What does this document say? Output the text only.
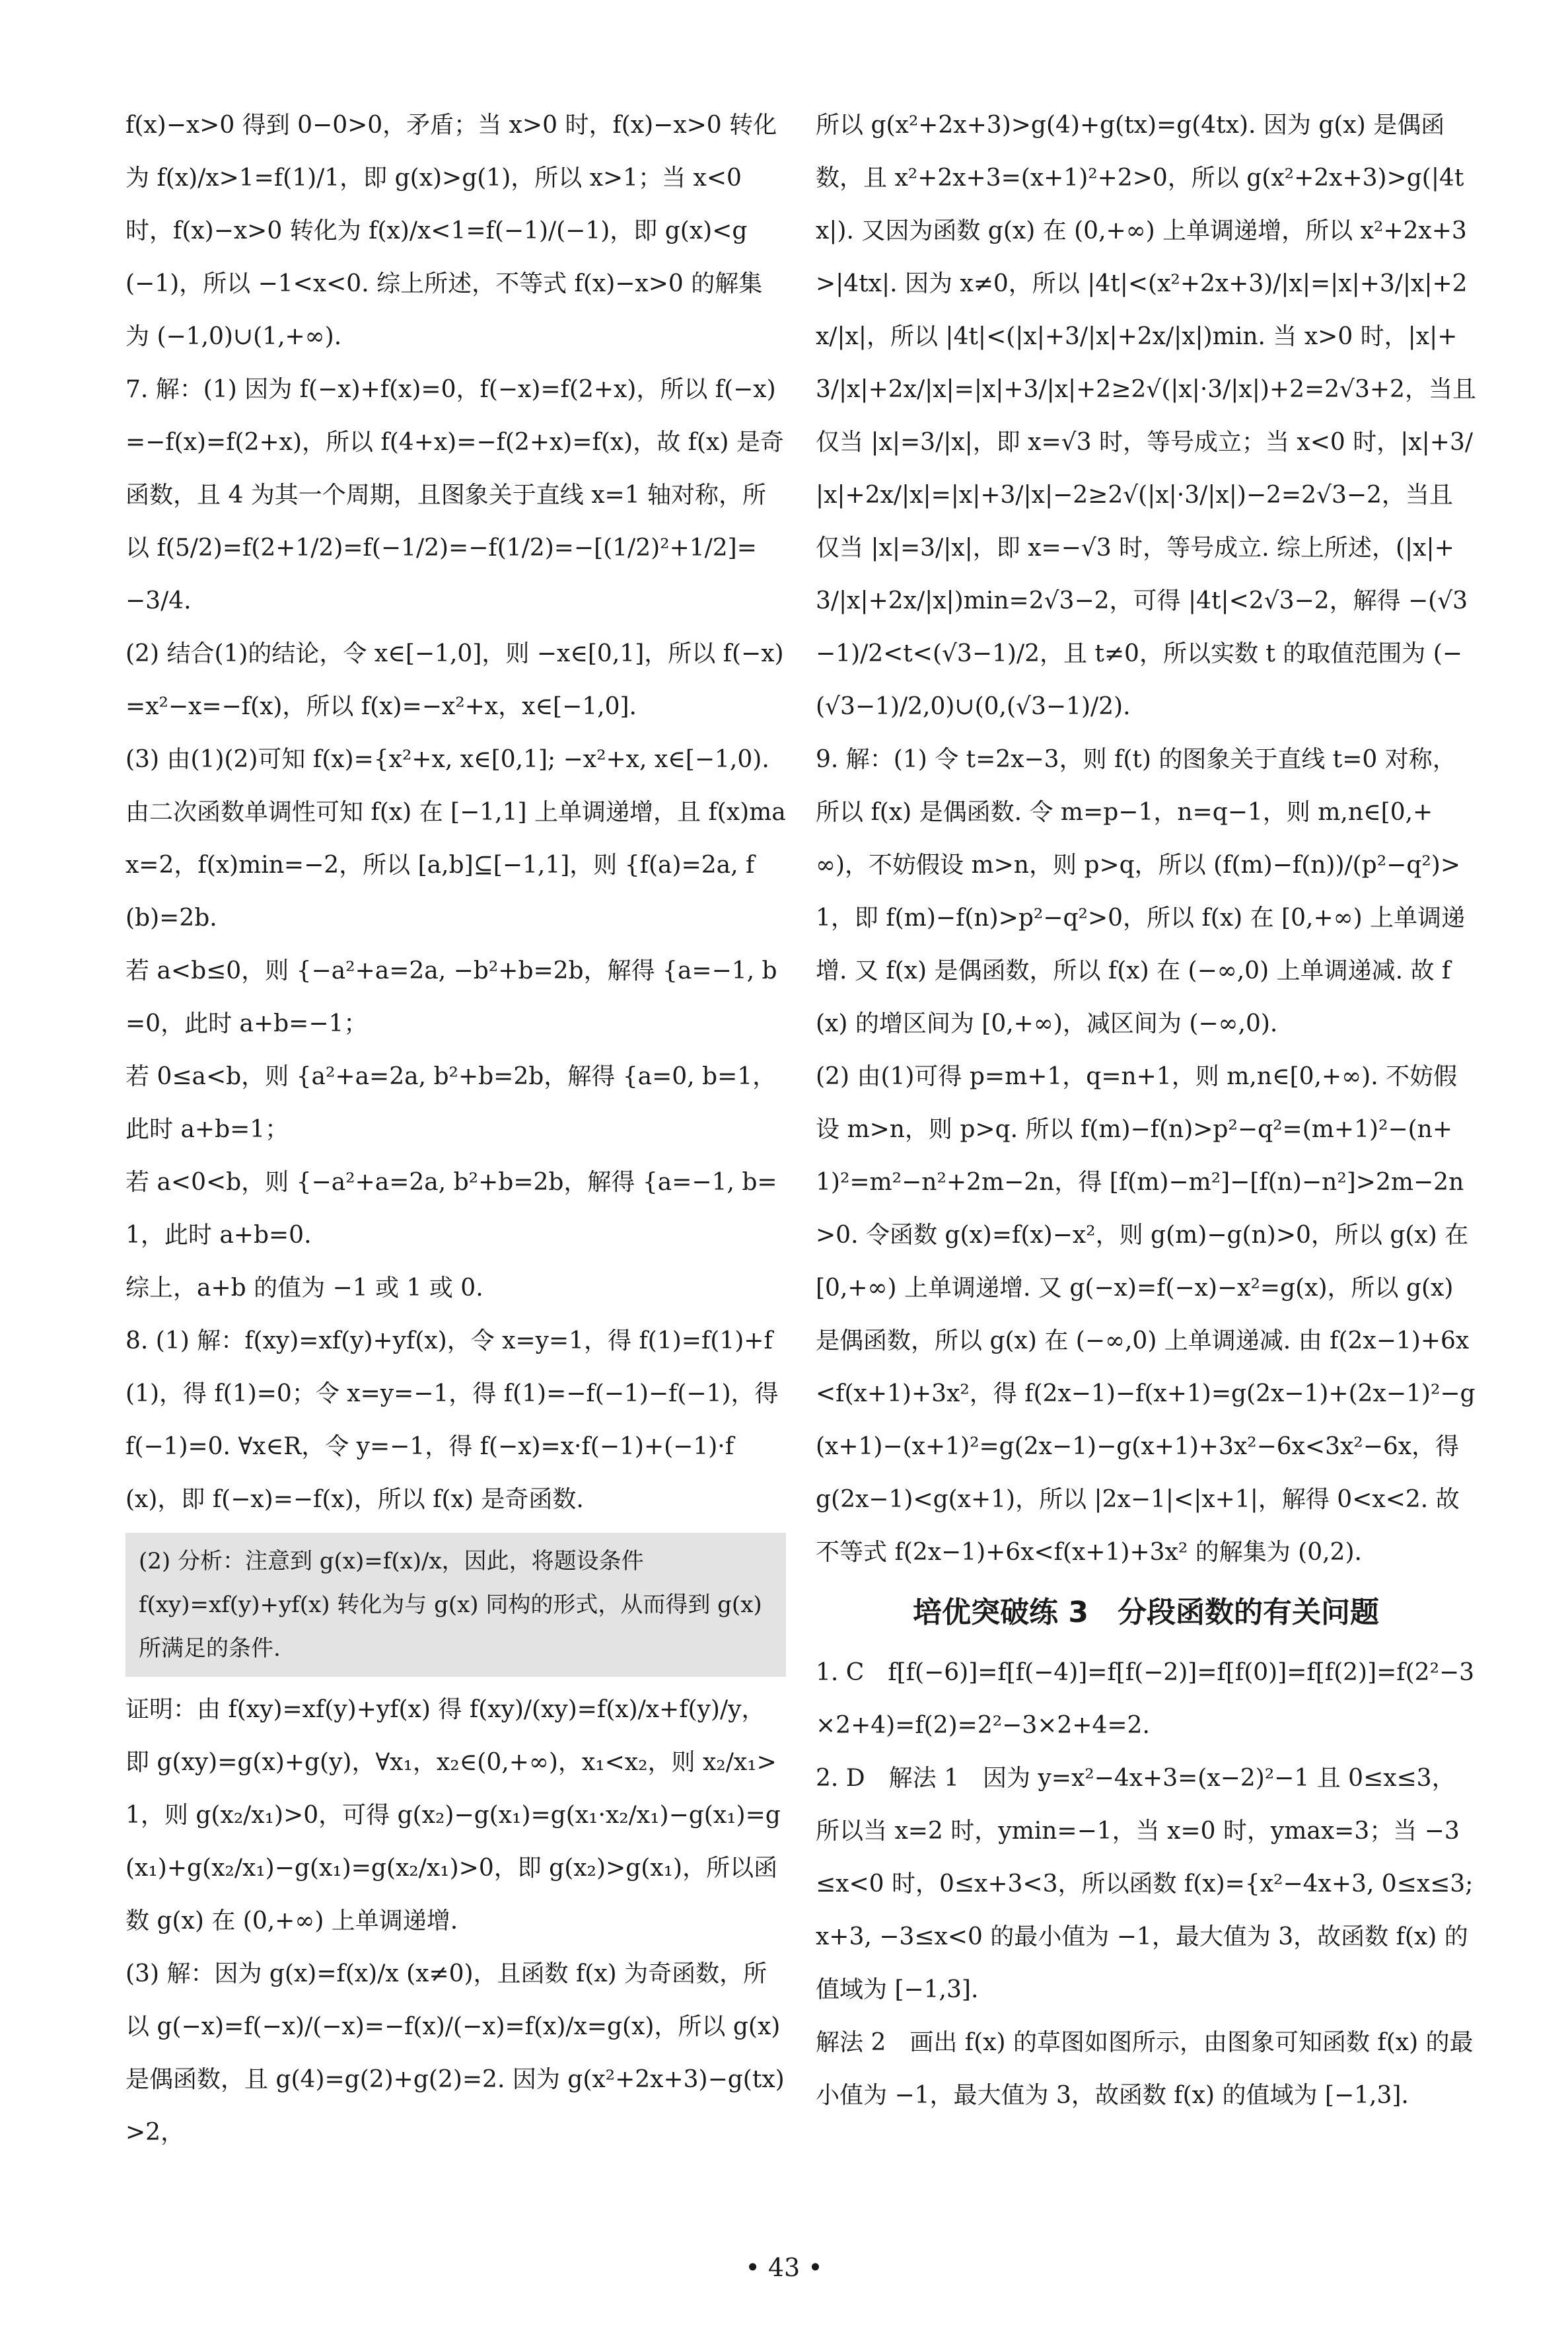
f(x)−x>0 得到 0−0>0，矛盾；当 x>0 时，f(x)−x>0 转化为 f(x)/x>1=f(1)/1，即 g(x)>g(1)，所以 x>1；当 x<0 时，f(x)−x>0 转化为 f(x)/x<1=f(−1)/(−1)，即 g(x)<g(−1)，所以 −1<x<0. 综上所述，不等式 f(x)−x>0 的解集为 (−1,0)∪(1,+∞).

7. 解：(1) 因为 f(−x)+f(x)=0，f(−x)=f(2+x)，所以 f(−x)=−f(x)=f(2+x)，所以 f(4+x)=−f(2+x)=f(x)，故 f(x) 是奇函数，且 4 为其一个周期，且图象关于直线 x=1 轴对称，所以 f(5/2)=f(2+1/2)=f(−1/2)=−f(1/2)=−[(1/2)²+1/2]=−3/4.

(2) 结合(1)的结论，令 x∈[−1,0]，则 −x∈[0,1]，所以 f(−x)=x²−x=−f(x)，所以 f(x)=−x²+x，x∈[−1,0].

(3) 由(1)(2)可知 f(x)={x²+x, x∈[0,1]; −x²+x, x∈[−1,0). 由二次函数单调性可知 f(x) 在 [−1,1] 上单调递增，且 f(x)max=2，f(x)min=−2，所以 [a,b]⊆[−1,1]，则 {f(a)=2a, f(b)=2b.

若 a<b≤0，则 {−a²+a=2a, −b²+b=2b，解得 {a=−1, b=0，此时 a+b=−1；

若 0≤a<b，则 {a²+a=2a, b²+b=2b，解得 {a=0, b=1，此时 a+b=1；

若 a<0<b，则 {−a²+a=2a, b²+b=2b，解得 {a=−1, b=1，此时 a+b=0.

综上，a+b 的值为 −1 或 1 或 0.

8. (1) 解：f(xy)=xf(y)+yf(x)，令 x=y=1，得 f(1)=f(1)+f(1)，得 f(1)=0；令 x=y=−1，得 f(1)=−f(−1)−f(−1)，得 f(−1)=0. ∀x∈R，令 y=−1，得 f(−x)=x·f(−1)+(−1)·f(x)，即 f(−x)=−f(x)，所以 f(x) 是奇函数.

(2) 分析：注意到 g(x)=f(x)/x，因此，将题设条件 f(xy)=xf(y)+yf(x) 转化为与 g(x) 同构的形式，从而得到 g(x) 所满足的条件.

证明：由 f(xy)=xf(y)+yf(x) 得 f(xy)/(xy)=f(x)/x+f(y)/y，即 g(xy)=g(x)+g(y)，∀x₁，x₂∈(0,+∞)，x₁<x₂，则 x₂/x₁>1，则 g(x₂/x₁)>0，可得 g(x₂)−g(x₁)=g(x₁·x₂/x₁)−g(x₁)=g(x₁)+g(x₂/x₁)−g(x₁)=g(x₂/x₁)>0，即 g(x₂)>g(x₁)，所以函数 g(x) 在 (0,+∞) 上单调递增.

(3) 解：因为 g(x)=f(x)/x (x≠0)，且函数 f(x) 为奇函数，所以 g(−x)=f(−x)/(−x)=−f(x)/(−x)=f(x)/x=g(x)，所以 g(x) 是偶函数，且 g(4)=g(2)+g(2)=2. 因为 g(x²+2x+3)−g(tx)>2，

所以 g(x²+2x+3)>g(4)+g(tx)=g(4tx). 因为 g(x) 是偶函数，且 x²+2x+3=(x+1)²+2>0，所以 g(x²+2x+3)>g(|4tx|). 又因为函数 g(x) 在 (0,+∞) 上单调递增，所以 x²+2x+3>|4tx|. 因为 x≠0，所以 |4t|<(x²+2x+3)/|x|=|x|+3/|x|+2x/|x|，所以 |4t|<(|x|+3/|x|+2x/|x|)min. 当 x>0 时，|x|+3/|x|+2x/|x|=|x|+3/|x|+2≥2√(|x|·3/|x|)+2=2√3+2，当且仅当 |x|=3/|x|，即 x=√3 时，等号成立；当 x<0 时，|x|+3/|x|+2x/|x|=|x|+3/|x|−2≥2√(|x|·3/|x|)−2=2√3−2，当且仅当 |x|=3/|x|，即 x=−√3 时，等号成立. 综上所述，(|x|+3/|x|+2x/|x|)min=2√3−2，可得 |4t|<2√3−2，解得 −(√3−1)/2<t<(√3−1)/2，且 t≠0，所以实数 t 的取值范围为 (−(√3−1)/2,0)∪(0,(√3−1)/2).

9. 解：(1) 令 t=2x−3，则 f(t) 的图象关于直线 t=0 对称，所以 f(x) 是偶函数. 令 m=p−1，n=q−1，则 m,n∈[0,+∞)，不妨假设 m>n，则 p>q，所以 (f(m)−f(n))/(p²−q²)>1，即 f(m)−f(n)>p²−q²>0，所以 f(x) 在 [0,+∞) 上单调递增. 又 f(x) 是偶函数，所以 f(x) 在 (−∞,0) 上单调递减. 故 f(x) 的增区间为 [0,+∞)，减区间为 (−∞,0).

(2) 由(1)可得 p=m+1，q=n+1，则 m,n∈[0,+∞). 不妨假设 m>n，则 p>q. 所以 f(m)−f(n)>p²−q²=(m+1)²−(n+1)²=m²−n²+2m−2n，得 [f(m)−m²]−[f(n)−n²]>2m−2n>0. 令函数 g(x)=f(x)−x²，则 g(m)−g(n)>0，所以 g(x) 在 [0,+∞) 上单调递增. 又 g(−x)=f(−x)−x²=g(x)，所以 g(x) 是偶函数，所以 g(x) 在 (−∞,0) 上单调递减. 由 f(2x−1)+6x<f(x+1)+3x²，得 f(2x−1)−f(x+1)=g(2x−1)+(2x−1)²−g(x+1)−(x+1)²=g(2x−1)−g(x+1)+3x²−6x<3x²−6x，得 g(2x−1)<g(x+1)，所以 |2x−1|<|x+1|，解得 0<x<2. 故不等式 f(2x−1)+6x<f(x+1)+3x² 的解集为 (0,2).

培优突破练 3　分段函数的有关问题

1. C　f[f(−6)]=f[f(−4)]=f[f(−2)]=f[f(0)]=f[f(2)]=f(2²−3×2+4)=f(2)=2²−3×2+4=2.

2. D　解法 1　因为 y=x²−4x+3=(x−2)²−1 且 0≤x≤3，所以当 x=2 时，ymin=−1，当 x=0 时，ymax=3；当 −3≤x<0 时，0≤x+3<3，所以函数 f(x)={x²−4x+3, 0≤x≤3; x+3, −3≤x<0 的最小值为 −1，最大值为 3，故函数 f(x) 的值域为 [−1,3].

解法 2　画出 f(x) 的草图如图所示，由图象可知函数 f(x) 的最小值为 −1，最大值为 3，故函数 f(x) 的值域为 [−1,3].

• 43 •
